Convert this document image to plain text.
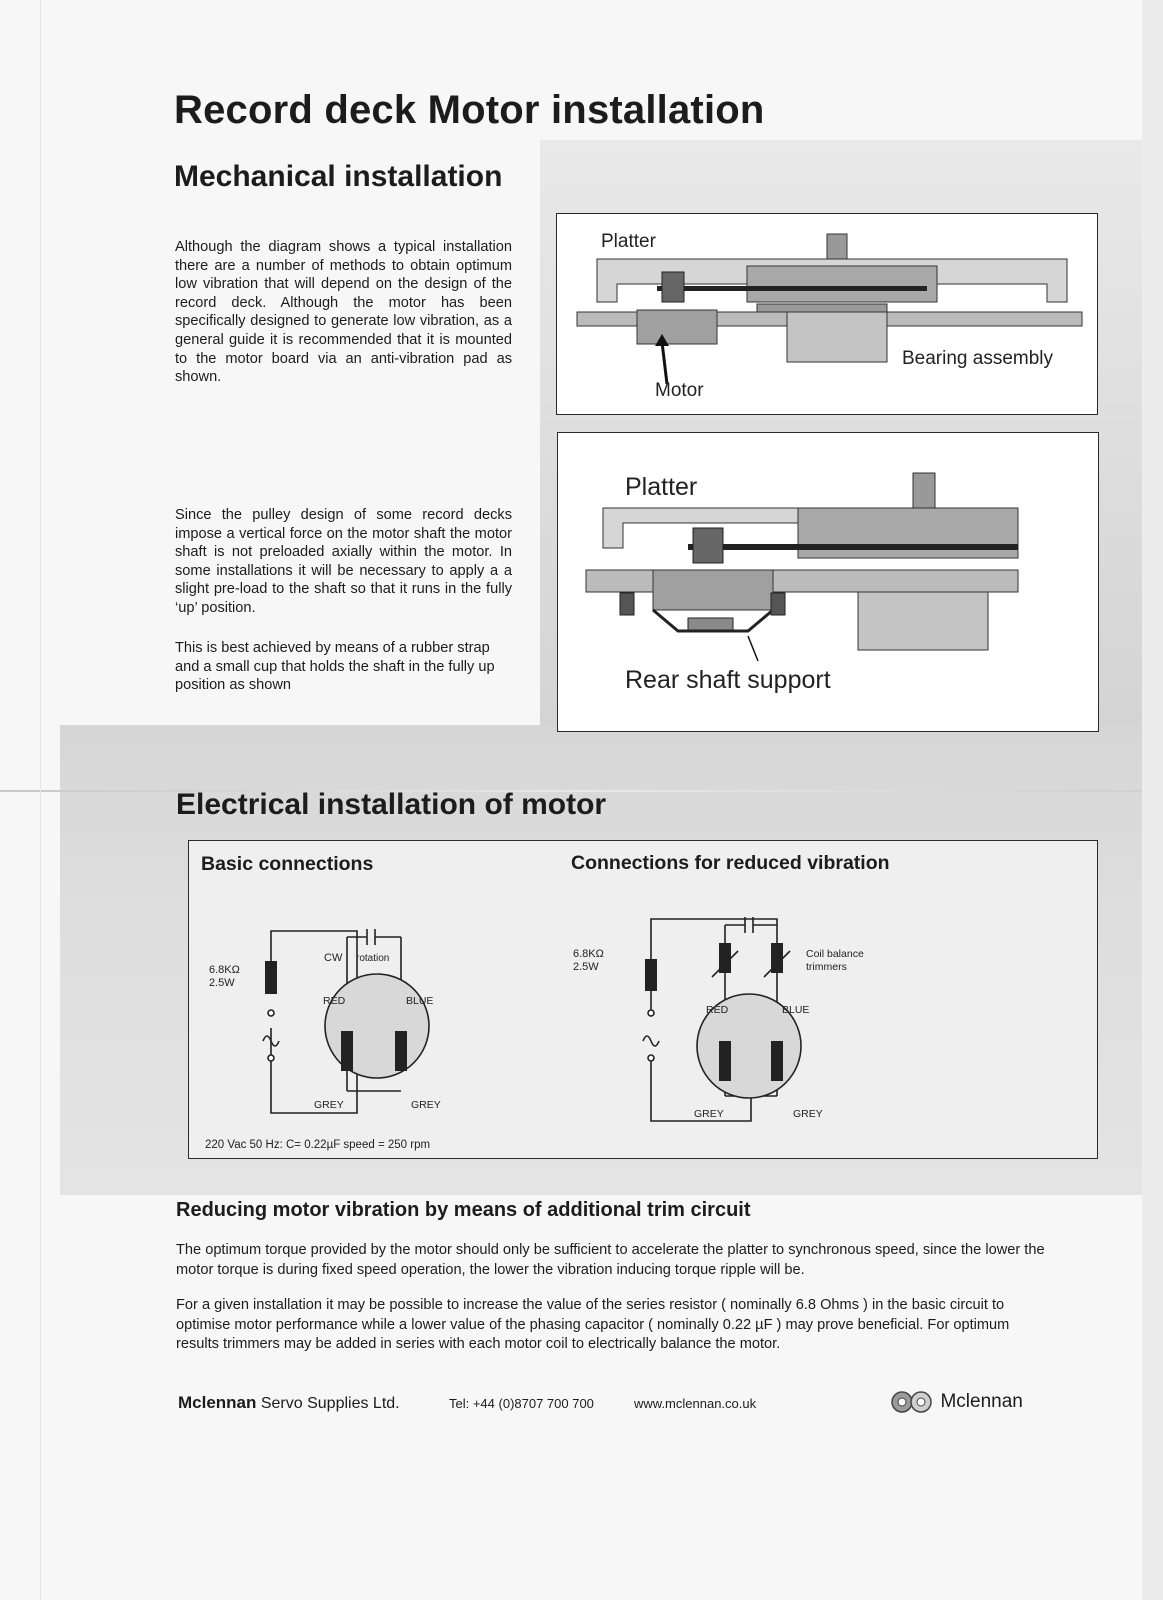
Record deck Motor installation
Mechanical installation

Although the diagram shows a typical installation there are a number of methods to obtain optimum low vibration that will depend on the design of the record deck. Although the motor has been specifically designed to generate low vibration, as a general guide it is recommended that it is mounted to the motor board via an anti-vibration pad as shown.

Since the pulley design of some record decks impose a vertical force on the motor shaft the motor shaft is not preloaded axially within the motor. In some installations it will be necessary to apply a a slight pre-load to the shaft so that it runs in the fully ‘up’ position.

This is best achieved by means of a rubber strap and a small cup that holds the shaft in the fully up position as shown

Platter
Bearing assembly
Motor
Platter
Rear shaft support
Electrical installation of motor
Basic connections	Connections for reduced vibration
6.8KΩ
2.5W
CW rotation
RED	BLUE
GREY	GREY
220 Vac 50 Hz: C= 0.22µF speed = 250 rpm
6.8KΩ
2.5W
Coil balance
trimmers
RED	BLUE
GREY	GREY
Reducing motor vibration by means of additional trim circuit

The optimum torque provided by the motor should only be sufficient to accelerate the platter to synchronous speed, since the lower the motor torque is during fixed speed operation, the lower the vibration inducing torque ripple will be.

For a given installation it may be possible to increase the value of the series resistor ( nominally 6.8 Ohms ) in the basic circuit to optimise motor performance while a lower value of the phasing capacitor ( nominally 0.22 µF ) may prove beneficial. For optimum results trimmers may be added in series with each motor coil to electrically balance the motor.

Mclennan Servo Supplies Ltd.	Tel: +44 (0)8707 700 700	www.mclennan.co.uk	Mclennan
